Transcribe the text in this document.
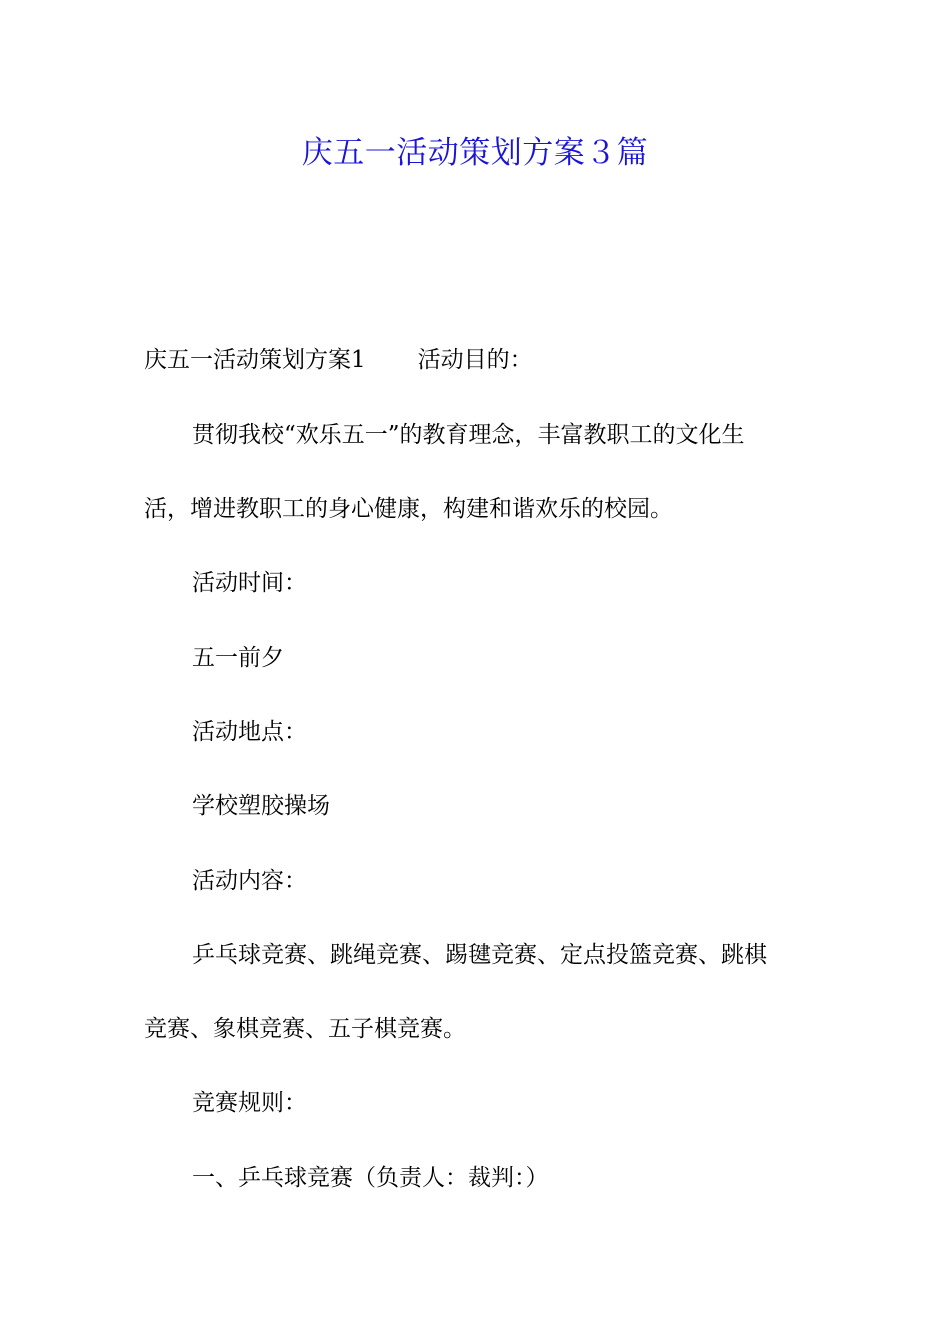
庆五一活动策划方案３篇
庆五一活动策划方案1 活动目的：
贯彻我校“欢乐五一”的教育理念，丰富教职工的文化生
活，增进教职工的身心健康，构建和谐欢乐的校园。
活动时间：
五一前夕
活动地点：
学校塑胶操场
活动内容：
乒乓球竞赛、跳绳竞赛、踢毽竞赛、定点投篮竞赛、跳棋
竞赛、象棋竞赛、五子棋竞赛。
竞赛规则：
一、乒乓球竞赛（负责人：裁判：）
